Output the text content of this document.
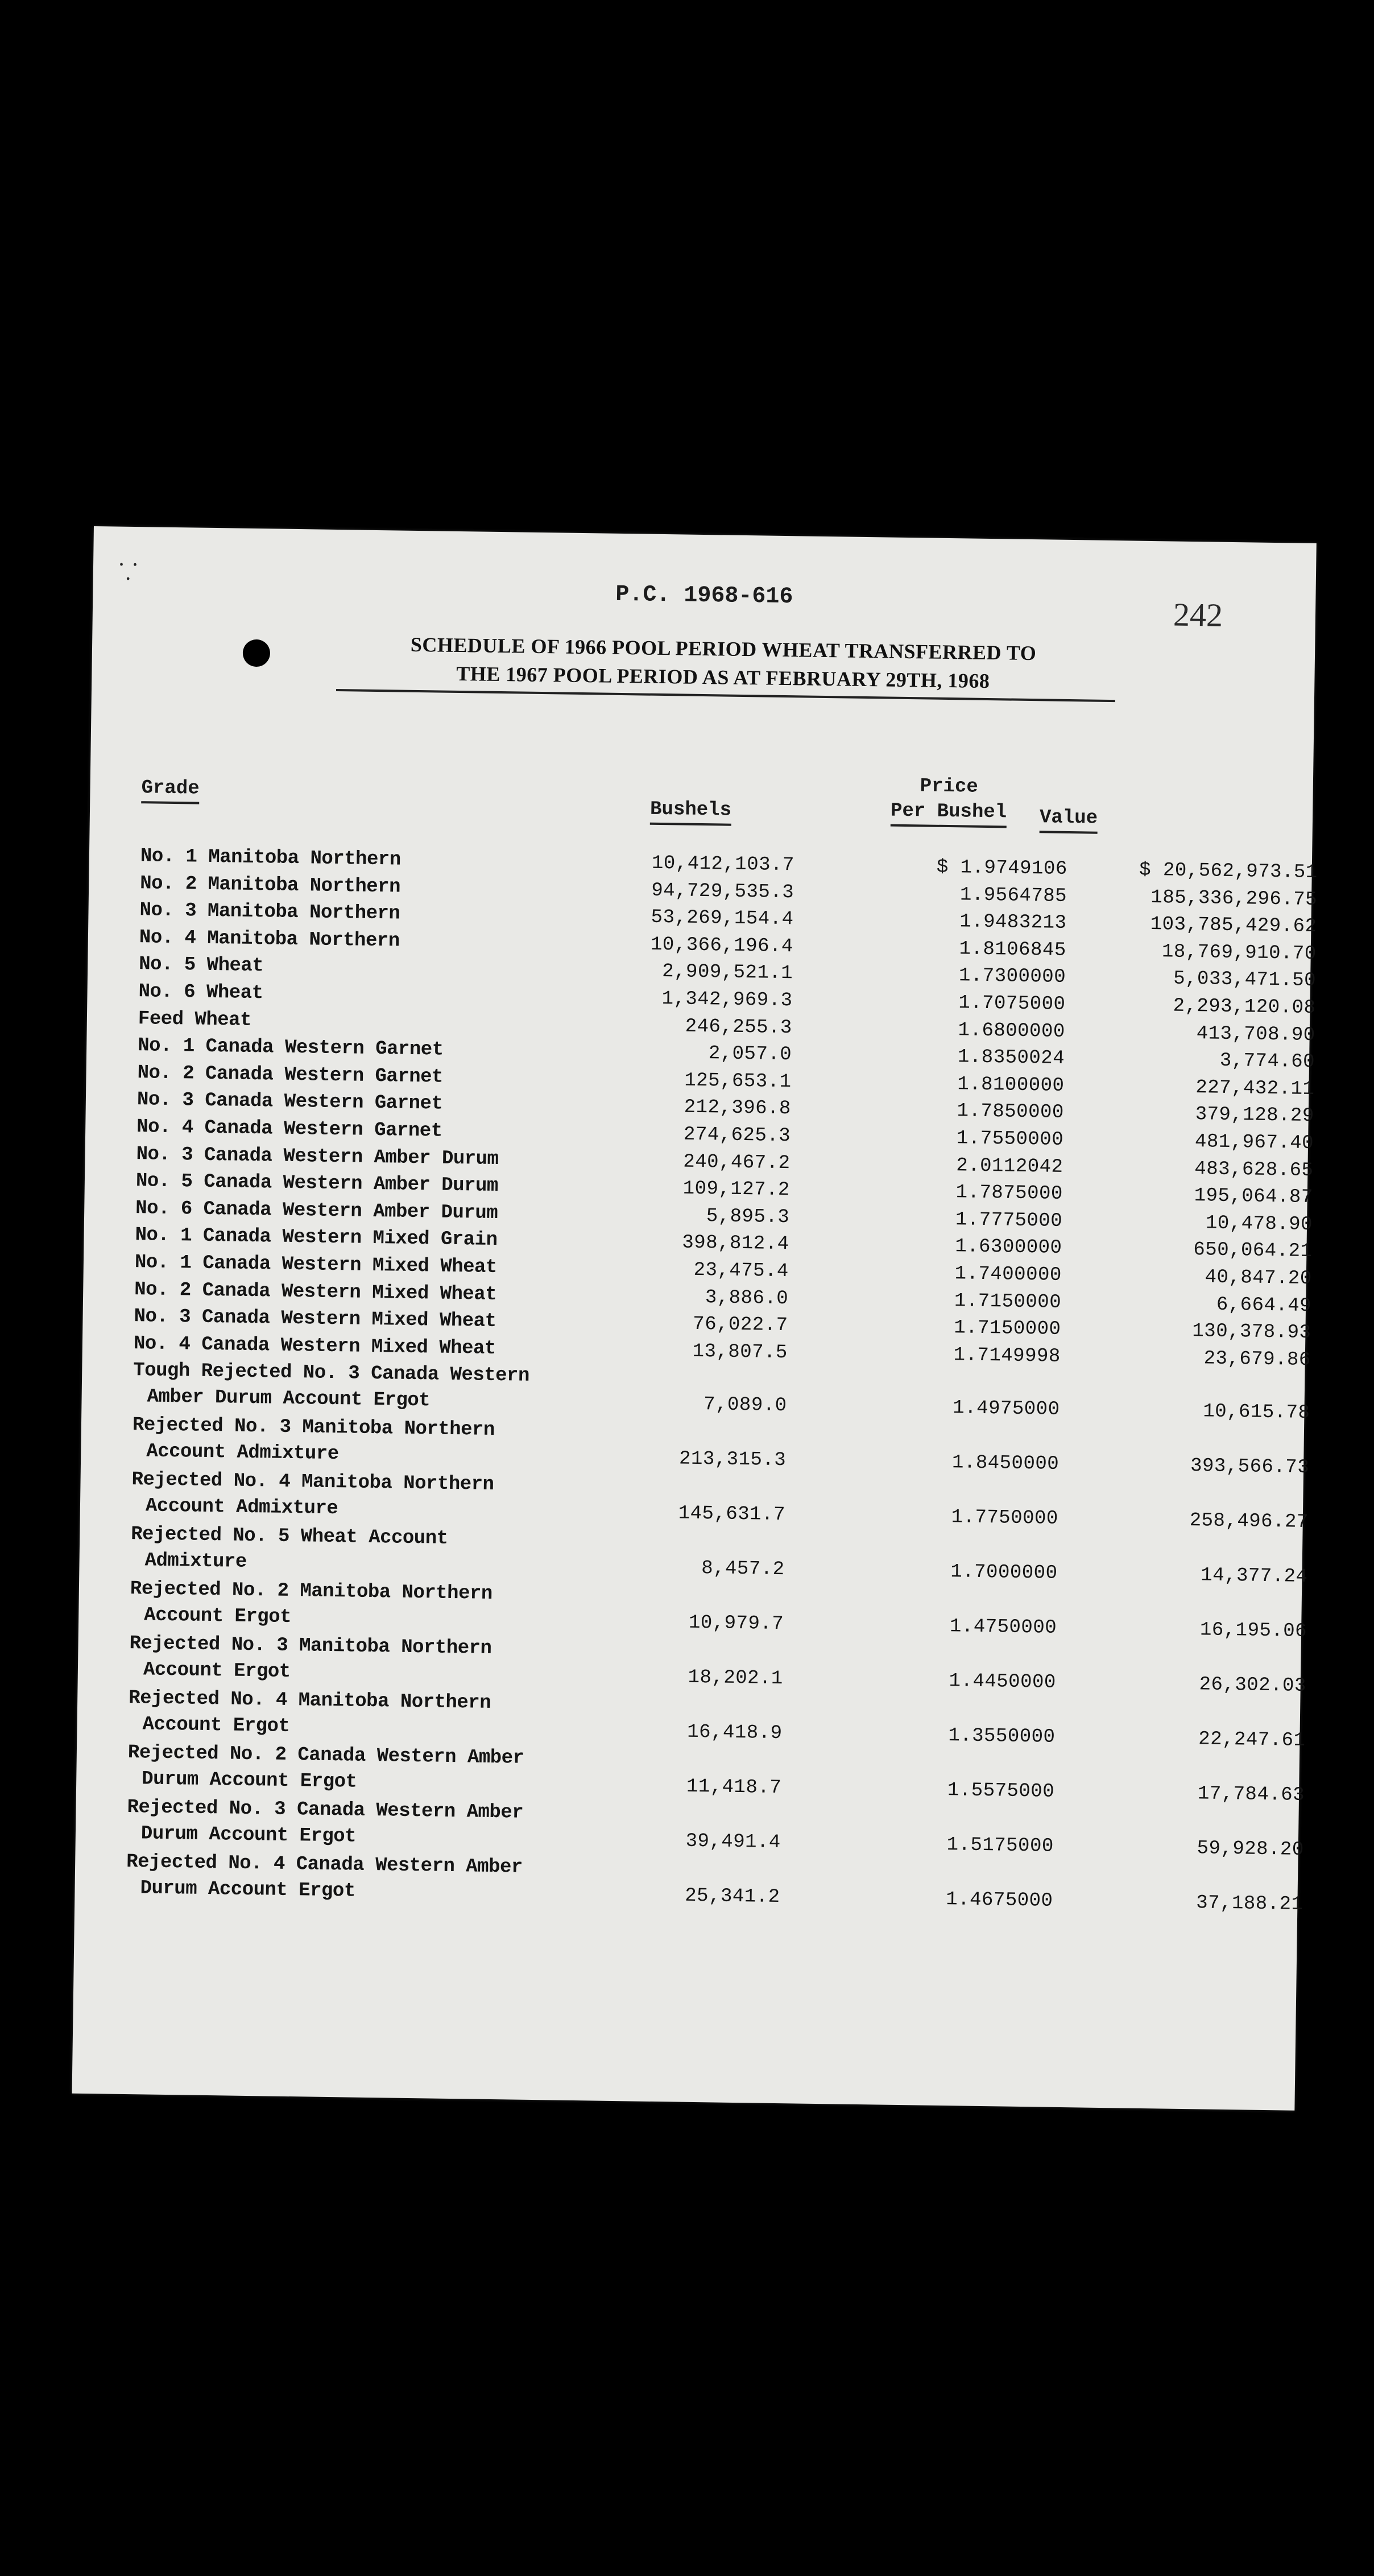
⸪
P.C. 1968-616
242
SCHEDULE OF 1966 POOL PERIOD WHEAT TRANSFERRED TO
THE 1967 POOL PERIOD AS AT FEBRUARY 29TH, 1968
Grade
Bushels
Price
Per Bushel	Value
No. 1 Manitoba Northern	10,412,103.7	$ 1.9749106	$ 20,562,973.51
No. 2 Manitoba Northern	94,729,535.3	1.9564785	185,336,296.75
No. 3 Manitoba Northern	53,269,154.4	1.9483213	103,785,429.62
No. 4 Manitoba Northern	10,366,196.4	1.8106845	18,769,910.70
No. 5 Wheat	2,909,521.1	1.7300000	5,033,471.50
No. 6 Wheat	1,342,969.3	1.7075000	2,293,120.08
Feed Wheat	246,255.3	1.6800000	413,708.90
No. 1 Canada Western Garnet	2,057.0	1.8350024	3,774.60
No. 2 Canada Western Garnet	125,653.1	1.8100000	227,432.11
No. 3 Canada Western Garnet	212,396.8	1.7850000	379,128.29
No. 4 Canada Western Garnet	274,625.3	1.7550000	481,967.40
No. 3 Canada Western Amber Durum	240,467.2	2.0112042	483,628.65
No. 5 Canada Western Amber Durum	109,127.2	1.7875000	195,064.87
No. 6 Canada Western Amber Durum	5,895.3	1.7775000	10,478.90
No. 1 Canada Western Mixed Grain	398,812.4	1.6300000	650,064.21
No. 1 Canada Western Mixed Wheat	23,475.4	1.7400000	40,847.20
No. 2 Canada Western Mixed Wheat	3,886.0	1.7150000	6,664.49
No. 3 Canada Western Mixed Wheat	76,022.7	1.7150000	130,378.93
No. 4 Canada Western Mixed Wheat	13,807.5	1.7149998	23,679.86
Tough Rejected No. 3 Canada Western
Amber Durum Account Ergot	7,089.0	1.4975000	10,615.78
Rejected No. 3 Manitoba Northern
Account Admixture	213,315.3	1.8450000	393,566.73
Rejected No. 4 Manitoba Northern
Account Admixture	145,631.7	1.7750000	258,496.27
Rejected No. 5 Wheat Account
Admixture	8,457.2	1.7000000	14,377.24
Rejected No. 2 Manitoba Northern
Account Ergot	10,979.7	1.4750000	16,195.06
Rejected No. 3 Manitoba Northern
Account Ergot	18,202.1	1.4450000	26,302.03
Rejected No. 4 Manitoba Northern
Account Ergot	16,418.9	1.3550000	22,247.61
Rejected No. 2 Canada Western Amber
Durum Account Ergot	11,418.7	1.5575000	17,784.63
Rejected No. 3 Canada Western Amber
Durum Account Ergot	39,491.4	1.5175000	59,928.20
Rejected No. 4 Canada Western Amber
Durum Account Ergot	25,341.2	1.4675000	37,188.21
